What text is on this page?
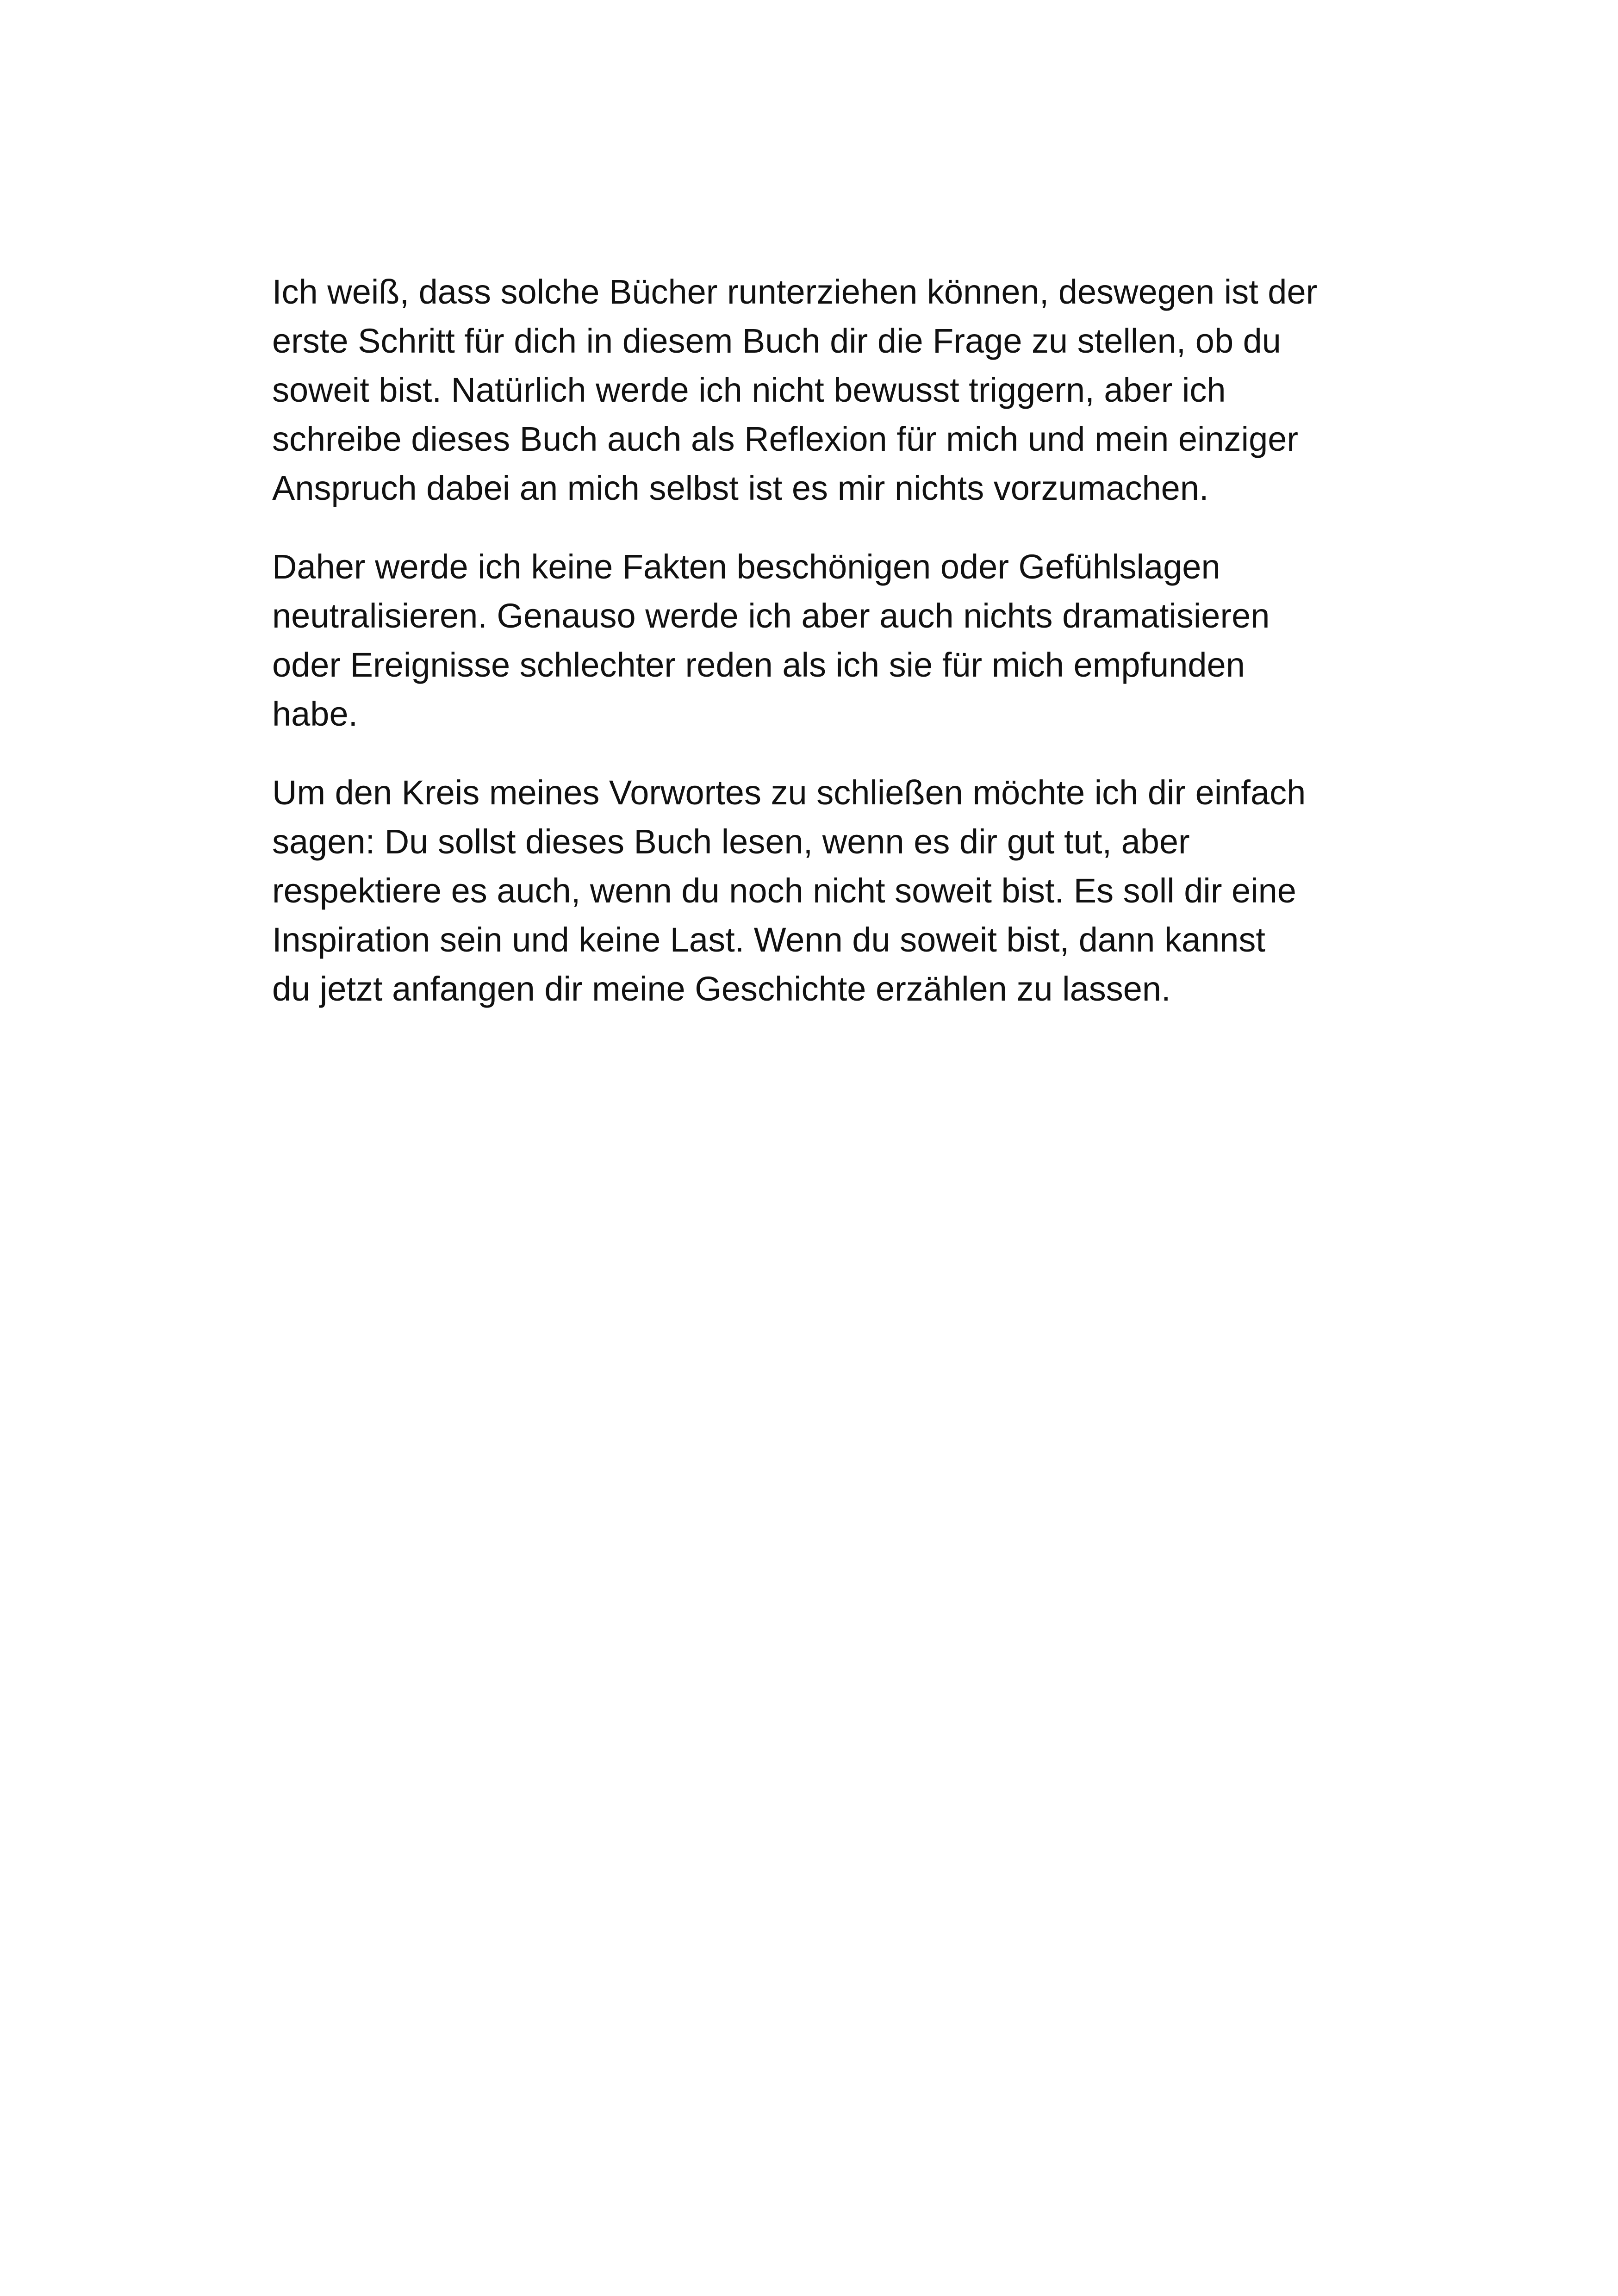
Ich weiß, dass solche Bücher runterziehen können, deswegen ist der
erste Schritt für dich in diesem Buch dir die Frage zu stellen, ob du
soweit bist. Natürlich werde ich nicht bewusst triggern, aber ich
schreibe dieses Buch auch als Reflexion für mich und mein einziger
Anspruch dabei an mich selbst ist es mir nichts vorzumachen.

Daher werde ich keine Fakten beschönigen oder Gefühlslagen
neutralisieren. Genauso werde ich aber auch nichts dramatisieren
oder Ereignisse schlechter reden als ich sie für mich empfunden
habe.

Um den Kreis meines Vorwortes zu schließen möchte ich dir einfach
sagen: Du sollst dieses Buch lesen, wenn es dir gut tut, aber
respektiere es auch, wenn du noch nicht soweit bist. Es soll dir eine
Inspiration sein und keine Last. Wenn du soweit bist, dann kannst
du jetzt anfangen dir meine Geschichte erzählen zu lassen.
